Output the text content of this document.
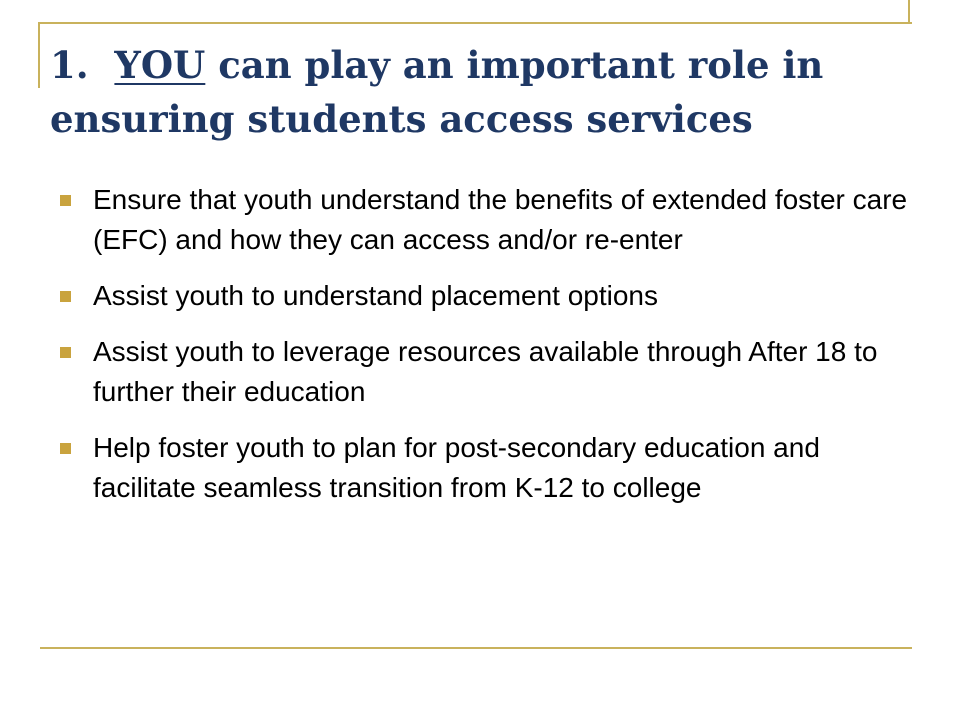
1. YOU can play an important role in
ensuring students access services
Ensure that youth understand the benefits of extended foster care (EFC) and how they can access and/or re-enter
Assist youth to understand placement options
Assist youth to leverage resources available through After 18 to further their education
Help foster youth to plan for post-secondary education and facilitate seamless transition from K-12 to college
